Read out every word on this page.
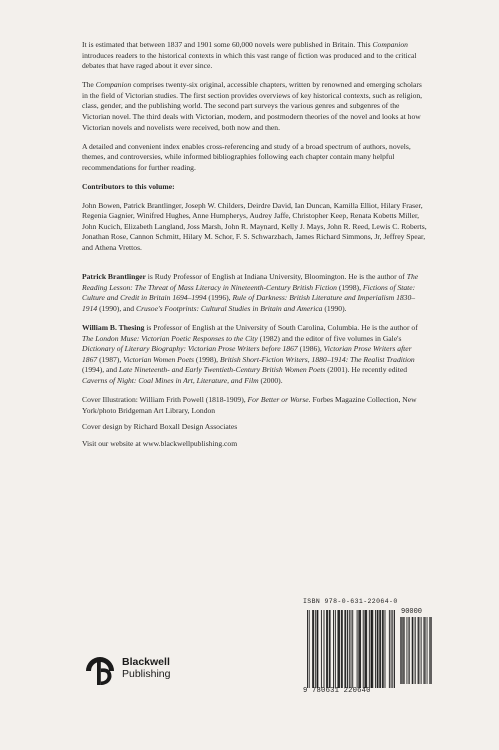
It is estimated that between 1837 and 1901 some 60,000 novels were published in Britain. This Companion introduces readers to the historical contexts in which this vast range of fiction was produced and to the critical debates that have raged about it ever since.

The Companion comprises twenty-six original, accessible chapters, written by renowned and emerging scholars in the field of Victorian studies. The first section provides overviews of key historical contexts, such as religion, class, gender, and the publishing world. The second part surveys the various genres and subgenres of the Victorian novel. The third deals with Victorian, modern, and postmodern theories of the novel and looks at how Victorian novels and novelists were received, both now and then.

A detailed and convenient index enables cross-referencing and study of a broad spectrum of authors, novels, themes, and controversies, while informed bibliographies following each chapter contain many helpful recommendations for further reading.

Contributors to this volume:

John Bowen, Patrick Brantlinger, Joseph W. Childers, Deirdre David, Ian Duncan, Kamilla Elliot, Hilary Fraser, Regenia Gagnier, Winifred Hughes, Anne Humpherys, Audrey Jaffe, Christopher Keep, Renata Kobetts Miller, John Kucich, Elizabeth Langland, Joss Marsh, John R. Maynard, Kelly J. Mays, John R. Reed, Lewis C. Roberts, Jonathan Rose, Cannon Schmitt, Hilary M. Schor, F. S. Schwarzbach, James Richard Simmons, Jr, Jeffrey Spear, and Athena Vrettos.

Patrick Brantlinger is Rudy Professor of English at Indiana University, Bloomington. He is the author of The Reading Lesson: The Threat of Mass Literacy in Nineteenth-Century British Fiction (1998), Fictions of State: Culture and Credit in Britain 1694–1994 (1996), Rule of Darkness: British Literature and Imperialism 1830–1914 (1990), and Crusoe's Footprints: Cultural Studies in Britain and America (1990).

William B. Thesing is Professor of English at the University of South Carolina, Columbia. He is the author of The London Muse: Victorian Poetic Responses to the City (1982) and the editor of five volumes in Gale's Dictionary of Literary Biography: Victorian Prose Writers before 1867 (1986), Victorian Prose Writers after 1867 (1987), Victorian Women Poets (1998), British Short-Fiction Writers, 1880–1914: The Realist Tradition (1994), and Late Nineteenth- and Early Twentieth-Century British Women Poets (2001). He recently edited Caverns of Night: Coal Mines in Art, Literature, and Film (2000).

Cover Illustration: William Frith Powell (1818-1909), For Better or Worse. Forbes Magazine Collection, New York/photo Bridgeman Art Library, London

Cover design by Richard Boxall Design Associates

Visit our website at www.blackwellpublishing.com

Blackwell
Publishing
ISBN 978-0-631-22064-0
90000
9 780631 220640
